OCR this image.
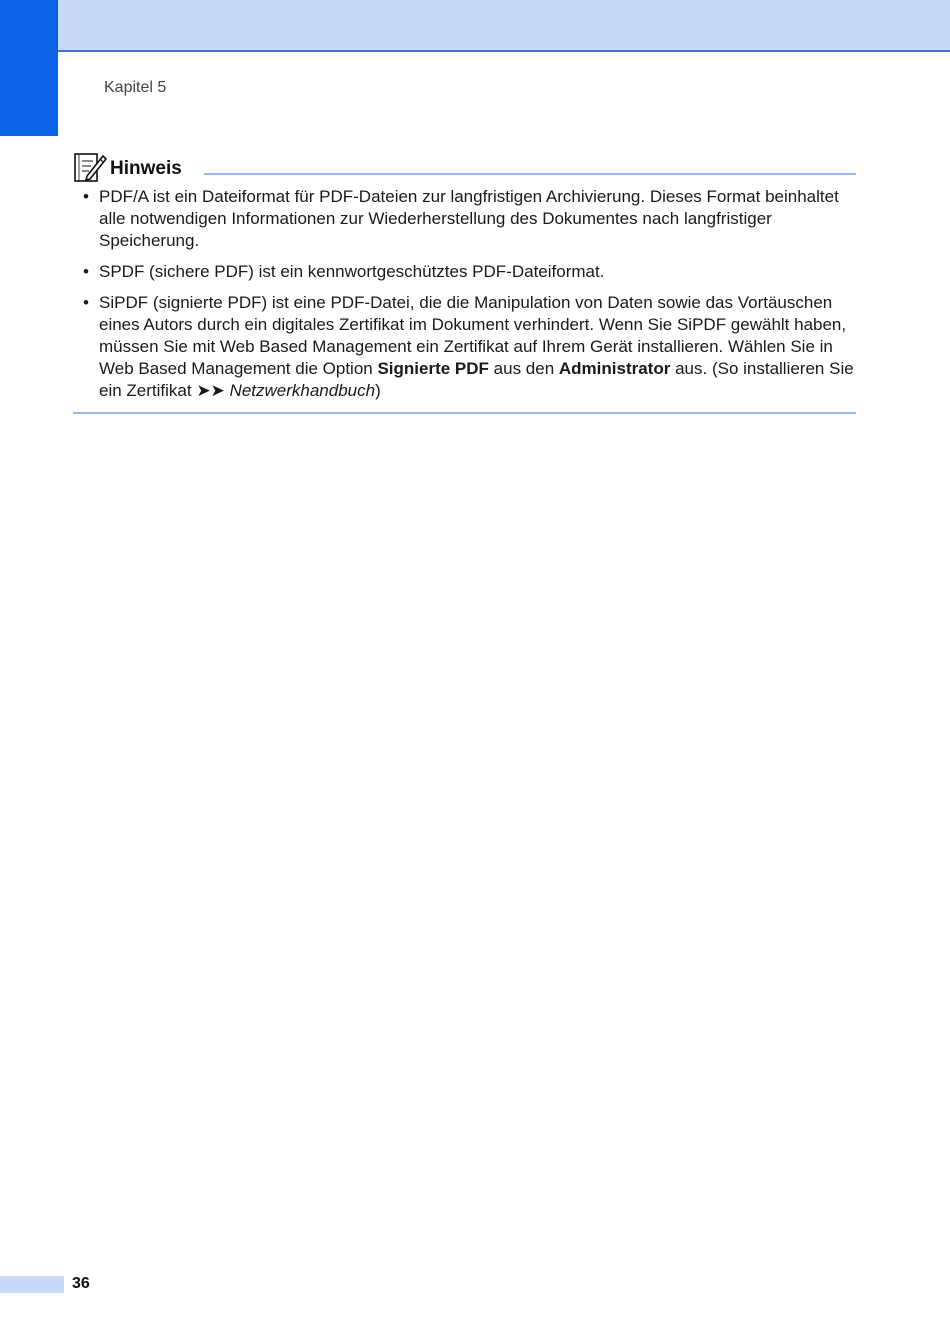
Kapitel 5
Hinweis
• PDF/A ist ein Dateiformat für PDF-Dateien zur langfristigen Archivierung. Dieses Format beinhaltet alle notwendigen Informationen zur Wiederherstellung des Dokumentes nach langfristiger Speicherung.
• SPDF (sichere PDF) ist ein kennwortgeschütztes PDF-Dateiformat.
• SiPDF (signierte PDF) ist eine PDF-Datei, die die Manipulation von Daten sowie das Vortäuschen eines Autors durch ein digitales Zertifikat im Dokument verhindert. Wenn Sie SiPDF gewählt haben, müssen Sie mit Web Based Management ein Zertifikat auf Ihrem Gerät installieren. Wählen Sie in Web Based Management die Option Signierte PDF aus den Administrator aus. (So installieren Sie ein Zertifikat ➤➤ Netzwerkhandbuch)
36
